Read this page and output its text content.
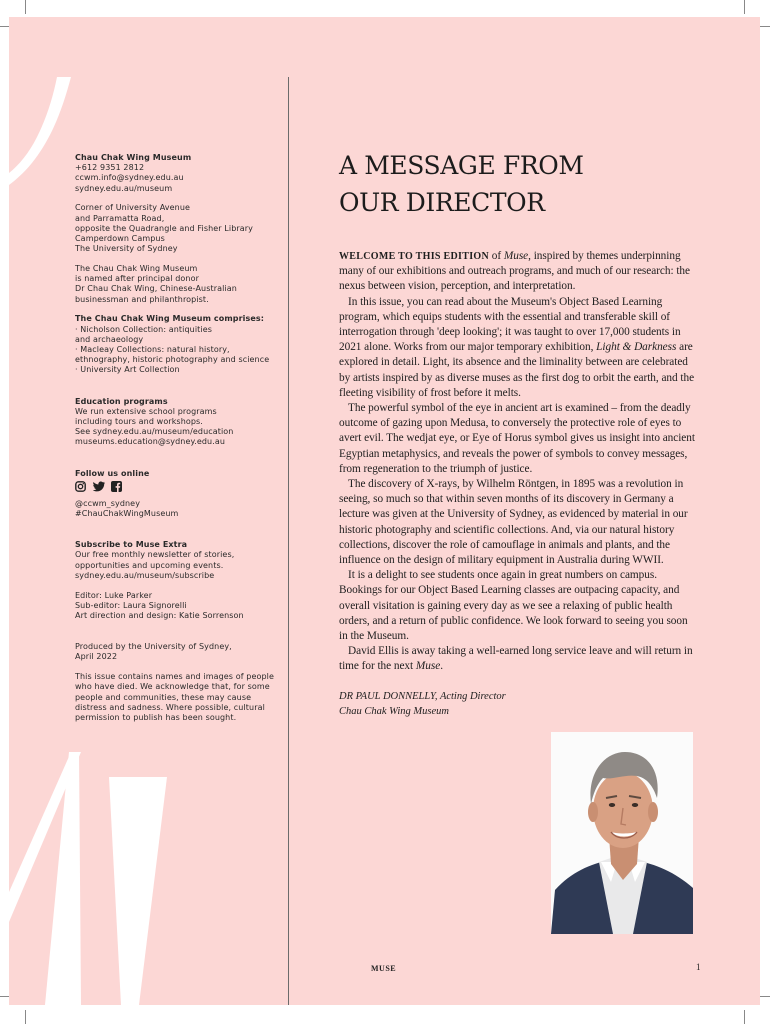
Chau Chak Wing Museum
+612 9351 2812
ccwm.info@sydney.edu.au
sydney.edu.au/museum

Corner of University Avenue
and Parramatta Road,
opposite the Quadrangle and Fisher Library
Camperdown Campus
The University of Sydney

The Chau Chak Wing Museum
is named after principal donor
Dr Chau Chak Wing, Chinese-Australian
businessman and philanthropist.

The Chau Chak Wing Museum comprises:
· Nicholson Collection: antiquities
and archaeology
· Macleay Collections: natural history,
ethnography, historic photography and science
· University Art Collection

Education programs
We run extensive school programs
including tours and workshops.
See sydney.edu.au/museum/education
museums.education@sydney.edu.au

Follow us online

@ccwm_sydney
#ChauChakWingMuseum

Subscribe to Muse Extra
Our free monthly newsletter of stories,
opportunities and upcoming events.
sydney.edu.au/museum/subscribe

Editor: Luke Parker
Sub-editor: Laura Signorelli
Art direction and design: Katie Sorrenson

Produced by the University of Sydney,
April 2022

This issue contains names and images of people
who have died. We acknowledge that, for some
people and communities, these may cause
distress and sadness. Where possible, cultural
permission to publish has been sought.

A MESSAGE FROM
OUR DIRECTOR

WELCOME TO THIS EDITION of Muse, inspired by themes underpinning many of our exhibitions and outreach programs, and much of our research: the nexus between vision, perception, and interpretation.

In this issue, you can read about the Museum's Object Based Learning program, which equips students with the essential and transferable skill of interrogation through 'deep looking'; it was taught to over 17,000 students in 2021 alone. Works from our major temporary exhibition, Light & Darkness are explored in detail. Light, its absence and the liminality between are celebrated by artists inspired by as diverse muses as the first dog to orbit the earth, and the fleeting visibility of frost before it melts.

The powerful symbol of the eye in ancient art is examined – from the deadly outcome of gazing upon Medusa, to conversely the protective role of eyes to avert evil. The wedjat eye, or Eye of Horus symbol gives us insight into ancient Egyptian metaphysics, and reveals the power of symbols to convey messages, from regeneration to the triumph of justice.

The discovery of X-rays, by Wilhelm Röntgen, in 1895 was a revolution in seeing, so much so that within seven months of its discovery in Germany a lecture was given at the University of Sydney, as evidenced by material in our historic photography and scientific collections. And, via our natural history collections, discover the role of camouflage in animals and plants, and the influence on the design of military equipment in Australia during WWII.

It is a delight to see students once again in great numbers on campus. Bookings for our Object Based Learning classes are outpacing capacity, and overall visitation is gaining every day as we see a relaxing of public health orders, and a return of public confidence. We look forward to seeing you soon in the Museum.

David Ellis is away taking a well-earned long service leave and will return in time for the next Muse.

DR PAUL DONNELLY, Acting Director
Chau Chak Wing Museum
MUSE	1
